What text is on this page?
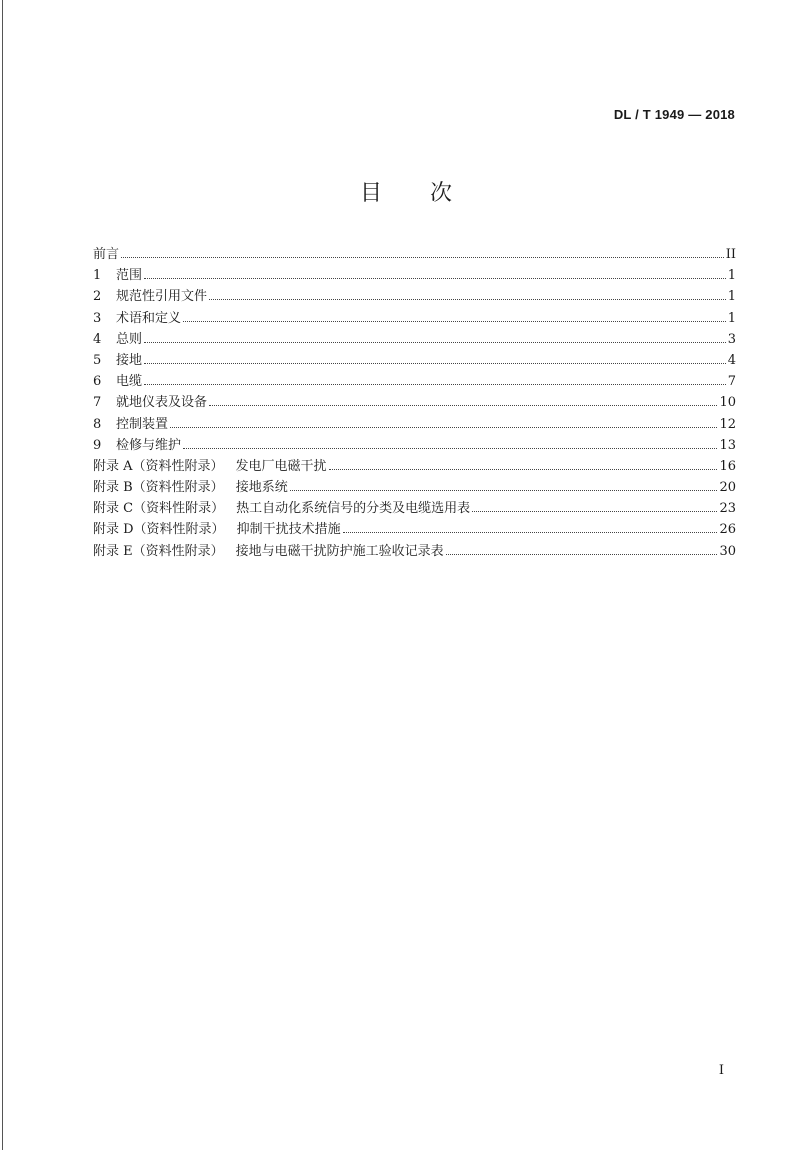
DL / T 1949 — 2018
目 次
前言	II
1	范围	1
2	规范性引用文件	1
3	术语和定义	1
4	总则	3
5	接地	4
6	电缆	7
7	就地仪表及设备	10
8	控制装置	12
9	检修与维护	13
附录 A（资料性附录） 发电厂电磁干扰	16
附录 B（资料性附录） 接地系统	20
附录 C（资料性附录） 热工自动化系统信号的分类及电缆选用表	23
附录 D（资料性附录） 抑制干扰技术措施	26
附录 E（资料性附录） 接地与电磁干扰防护施工验收记录表	30
I
